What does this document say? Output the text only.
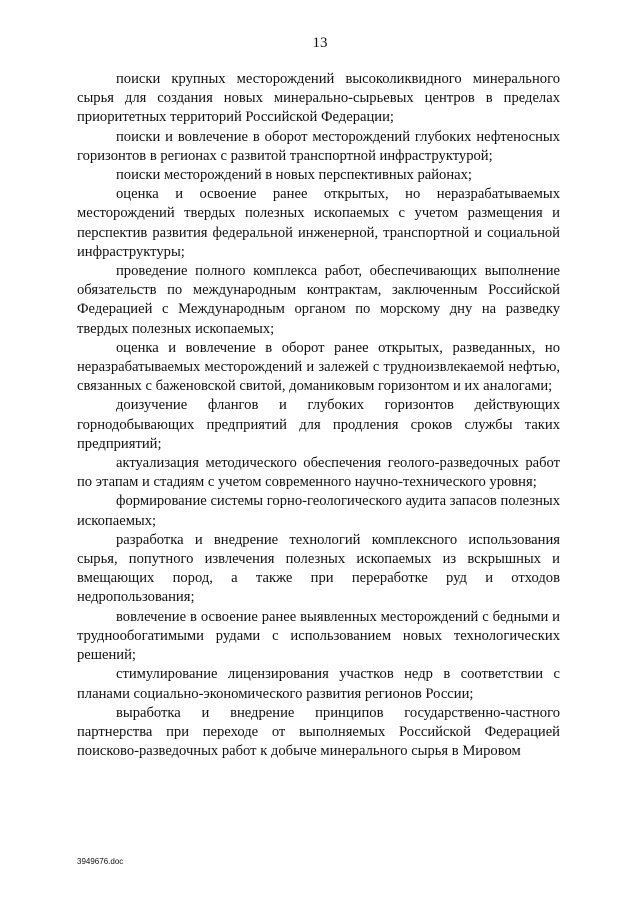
13

поиски крупных месторождений высоколиквидного минерального сырья для создания новых минерально-сырьевых центров в пределах приоритетных территорий Российской Федерации;

поиски и вовлечение в оборот месторождений глубоких нефтеносных горизонтов в регионах с развитой транспортной инфраструктурой;

поиски месторождений в новых перспективных районах;

оценка и освоение ранее открытых, но неразрабатываемых месторождений твердых полезных ископаемых с учетом размещения и перспектив развития федеральной инженерной, транспортной и социальной инфраструктуры;

проведение полного комплекса работ, обеспечивающих выполнение обязательств по международным контрактам, заключенным Российской Федерацией с Международным органом по морскому дну на разведку твердых полезных ископаемых;

оценка и вовлечение в оборот ранее открытых, разведанных, но неразрабатываемых месторождений и залежей с трудноизвлекаемой нефтью, связанных с баженовской свитой, доманиковым горизонтом и их аналогами;

доизучение флангов и глубоких горизонтов действующих горнодобывающих предприятий для продления сроков службы таких предприятий;

актуализация методического обеспечения геолого-разведочных работ по этапам и стадиям с учетом современного научно-технического уровня;

формирование системы горно-геологического аудита запасов полезных ископаемых;

разработка и внедрение технологий комплексного использования сырья, попутного извлечения полезных ископаемых из вскрышных и вмещающих пород, а также при переработке руд и отходов недропользования;

вовлечение в освоение ранее выявленных месторождений с бедными и труднообогатимыми рудами с использованием новых технологических решений;

стимулирование лицензирования участков недр в соответствии с планами социально-экономического развития регионов России;

выработка и внедрение принципов государственно-частного партнерства при переходе от выполняемых Российской Федерацией поисково-разведочных работ к добыче минерального сырья в Мировом

3949676.doc
